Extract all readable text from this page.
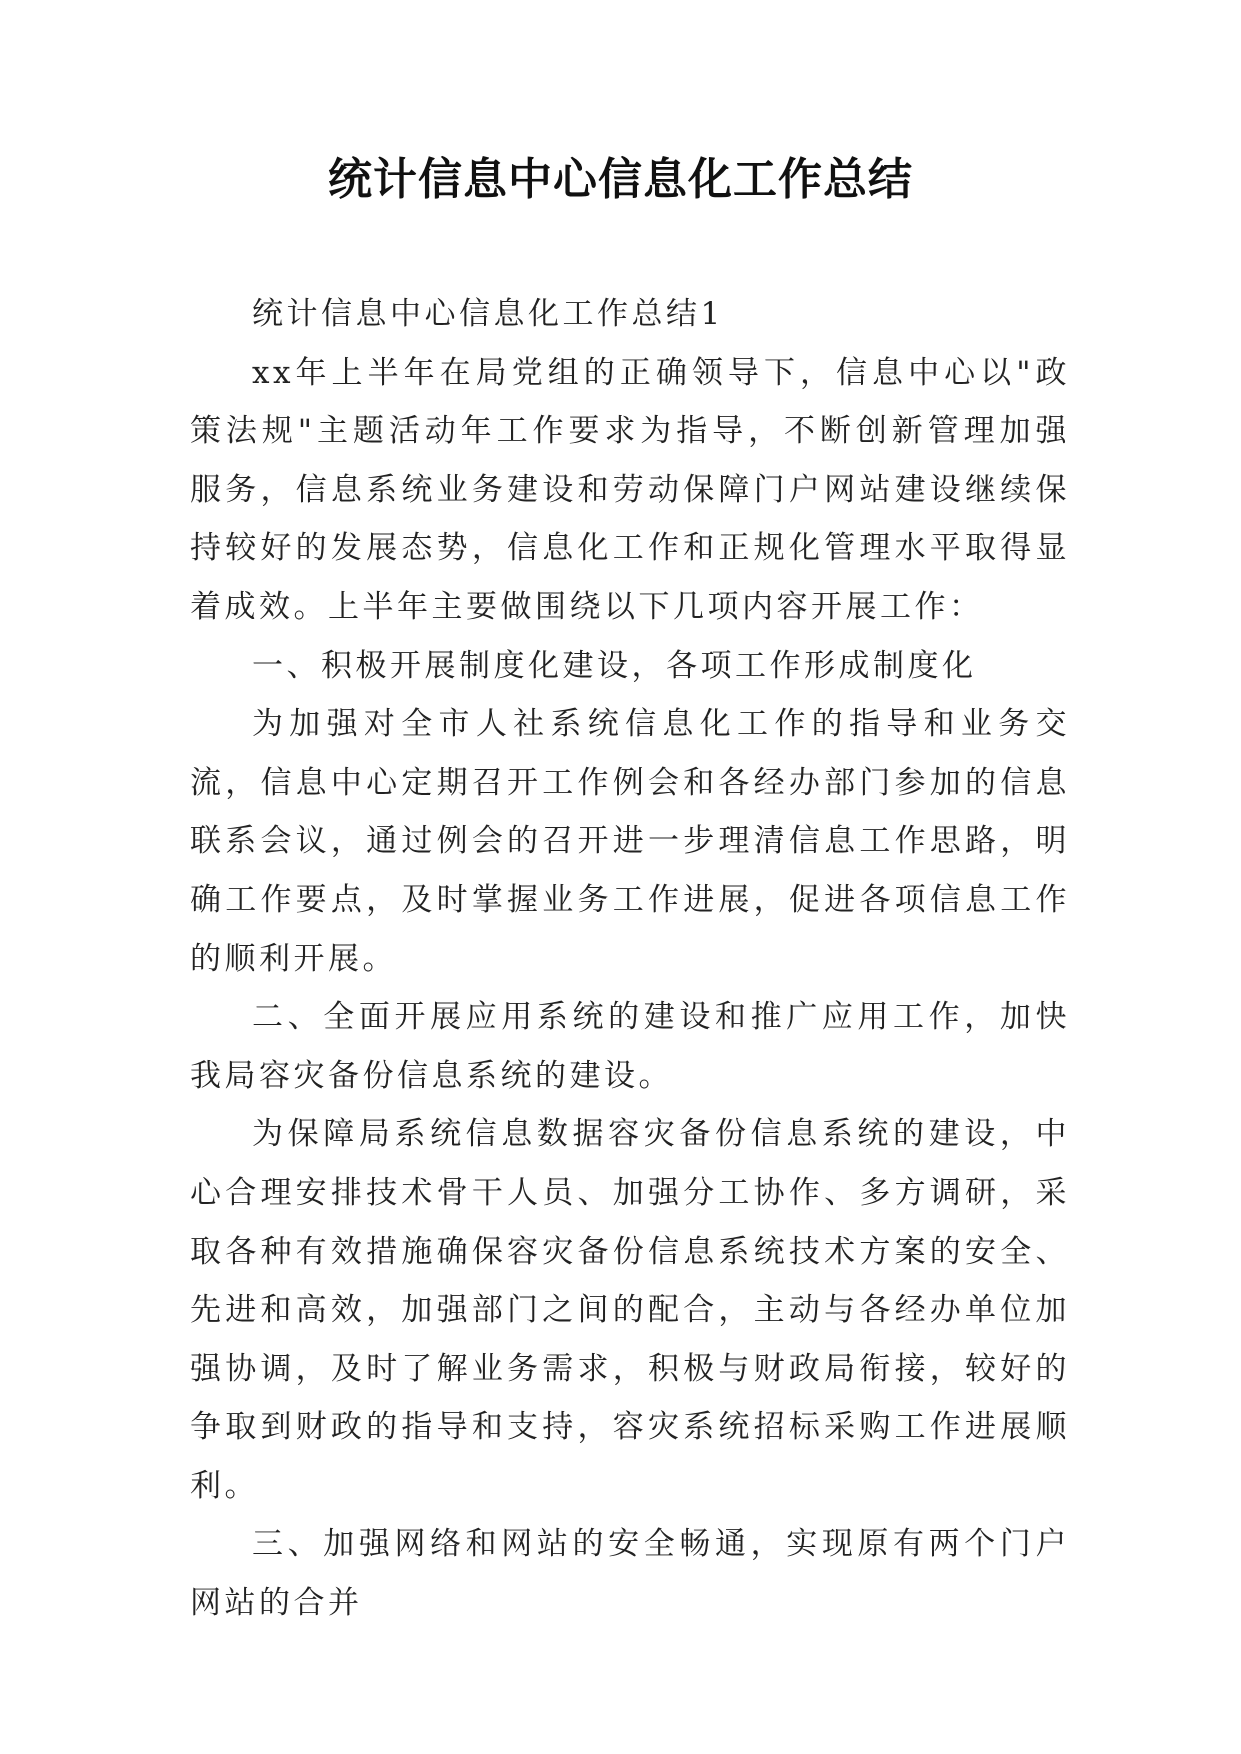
统计信息中心信息化工作总结

统计信息中心信息化工作总结1

xx年上半年在局党组的正确领导下，信息中心以"政策法规"主题活动年工作要求为指导，不断创新管理加强服务，信息系统业务建设和劳动保障门户网站建设继续保持较好的发展态势，信息化工作和正规化管理水平取得显着成效。上半年主要做围绕以下几项内容开展工作：

一、积极开展制度化建设，各项工作形成制度化

为加强对全市人社系统信息化工作的指导和业务交流，信息中心定期召开工作例会和各经办部门参加的信息联系会议，通过例会的召开进一步理清信息工作思路，明确工作要点，及时掌握业务工作进展，促进各项信息工作的顺利开展。

二、全面开展应用系统的建设和推广应用工作，加快我局容灾备份信息系统的建设。

为保障局系统信息数据容灾备份信息系统的建设，中心合理安排技术骨干人员、加强分工协作、多方调研，采取各种有效措施确保容灾备份信息系统技术方案的安全、先进和高效，加强部门之间的配合，主动与各经办单位加强协调，及时了解业务需求，积极与财政局衔接，较好的争取到财政的指导和支持，容灾系统招标采购工作进展顺利。

三、加强网络和网站的安全畅通，实现原有两个门户网站的合并
